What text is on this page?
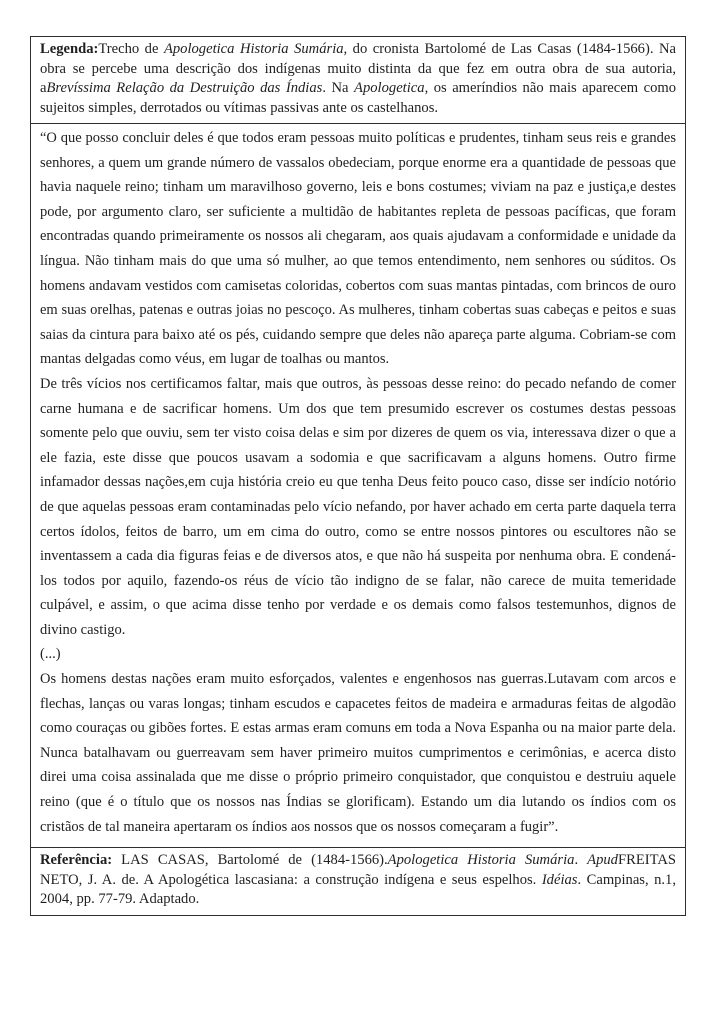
Legenda:Trecho de Apologetica Historia Sumária, do cronista Bartolomé de Las Casas (1484-1566). Na obra se percebe uma descrição dos indígenas muito distinta da que fez em outra obra de sua autoria, aBrevíssima Relação da Destruição das Índias. Na Apologetica, os ameríndios não mais aparecem como sujeitos simples, derrotados ou vítimas passivas ante os castelhanos.

“O que posso concluir deles é que todos eram pessoas muito políticas e prudentes, tinham seus reis e grandes senhores, a quem um grande número de vassalos obedeciam, porque enorme era a quantidade de pessoas que havia naquele reino; tinham um maravilhoso governo, leis e bons costumes; viviam na paz e justiça,e destes pode, por argumento claro, ser suficiente a multidão de habitantes repleta de pessoas pacíficas, que foram encontradas quando primeiramente os nossos ali chegaram, aos quais ajudavam a conformidade e unidade da língua. Não tinham mais do que uma só mulher, ao que temos entendimento, nem senhores ou súditos. Os homens andavam vestidos com camisetas coloridas, cobertos com suas mantas pintadas, com brincos de ouro em suas orelhas, patenas e outras joias no pescoço. As mulheres, tinham cobertas suas cabeças e peitos e suas saias da cintura para baixo até os pés, cuidando sempre que deles não apareça parte alguma. Cobriam-se com mantas delgadas como véus, em lugar de toalhas ou mantos.

De três vícios nos certificamos faltar, mais que outros, às pessoas desse reino: do pecado nefando de comer carne humana e de sacrificar homens. Um dos que tem presumido escrever os costumes destas pessoas somente pelo que ouviu, sem ter visto coisa delas e sim por dizeres de quem os via, interessava dizer o que a ele fazia, este disse que poucos usavam a sodomia e que sacrificavam a alguns homens. Outro firme infamador dessas nações,em cuja história creio eu que tenha Deus feito pouco caso, disse ser indício notório de que aquelas pessoas eram contaminadas pelo vício nefando, por haver achado em certa parte daquela terra certos ídolos, feitos de barro, um em cima do outro, como se entre nossos pintores ou escultores não se inventassem a cada dia figuras feias e de diversos atos, e que não há suspeita por nenhuma obra. E condená-los todos por aquilo, fazendo-os réus de vício tão indigno de se falar, não carece de muita temeridade culpável, e assim, o que acima disse tenho por verdade e os demais como falsos testemunhos, dignos de divino castigo.

(...)

Os homens destas nações eram muito esforçados, valentes e engenhosos nas guerras.Lutavam com arcos e flechas, lanças ou varas longas; tinham escudos e capacetes feitos de madeira e armaduras feitas de algodão como couraças ou gibões fortes. E estas armas eram comuns em toda a Nova Espanha ou na maior parte dela. Nunca batalhavam ou guerreavam sem haver primeiro muitos cumprimentos e cerimônias, e acerca disto direi uma coisa assinalada que me disse o próprio primeiro conquistador, que conquistou e destruiu aquele reino (que é o título que os nossos nas Índias se glorificam). Estando um dia lutando os índios com os cristãos de tal maneira apertaram os índios aos nossos que os nossos começaram a fugir”.

Referência: LAS CASAS, Bartolomé de (1484-1566).Apologetica Historia Sumária. ApudFREITAS NETO, J. A. de. A Apologética lascasiana: a construção indígena e seus espelhos. Idéias. Campinas, n.1, 2004, pp. 77-79. Adaptado.
